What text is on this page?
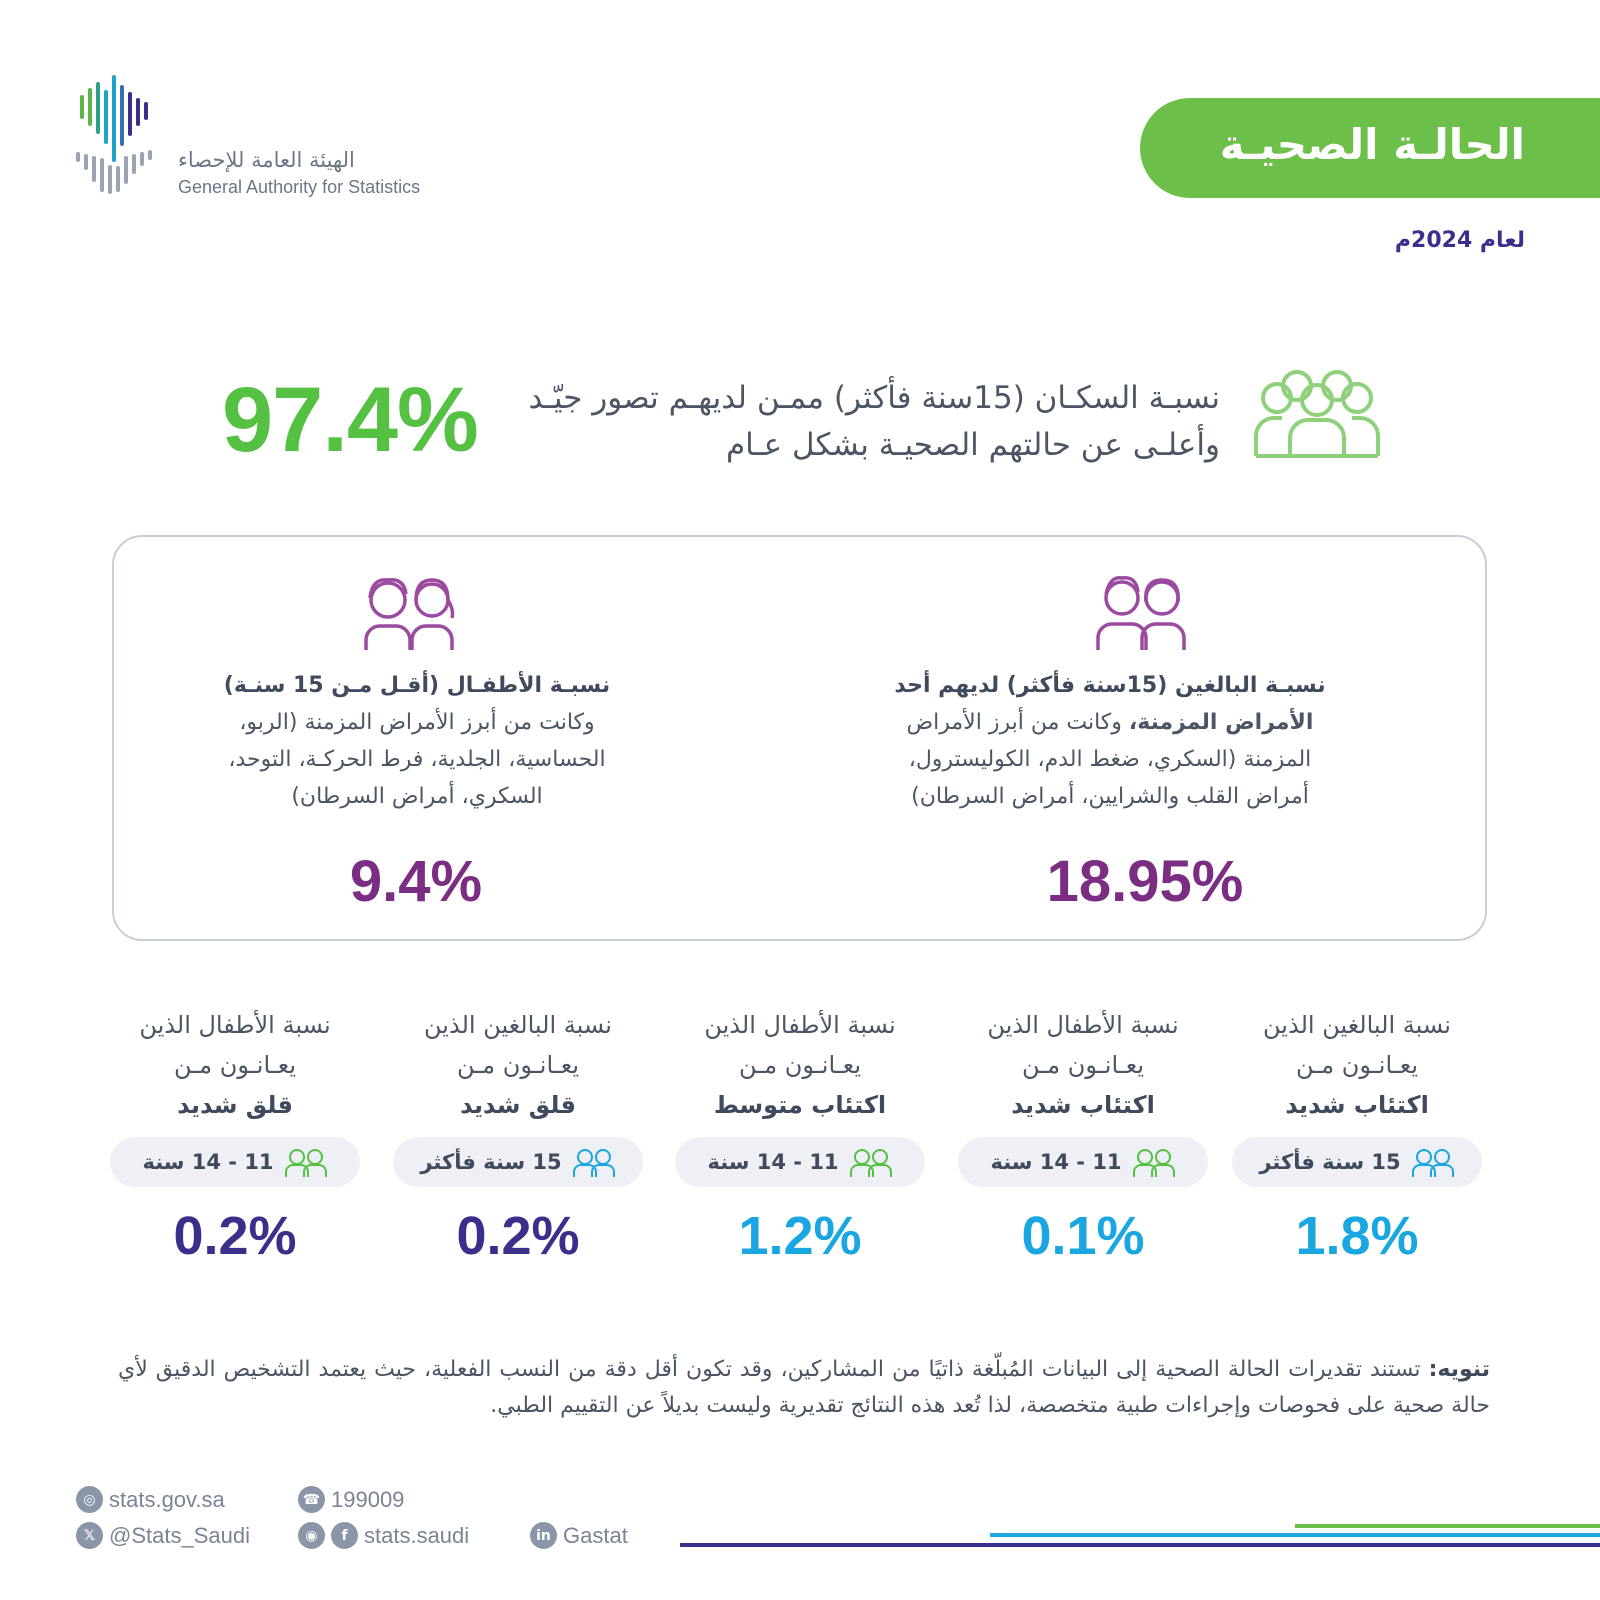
الهيئة العامة للإحصاء
General Authority for Statistics
الحالـة الصحيـة
لعام 2024م
97.4%	نسبـة السكـان (15سنة فأكثر) ممـن لديهـم تصور جيّـد وأعلـى عن حالتهم الصحيـة بشكل عـام
نسبـة البالغين (15سنة فأكثر) لديهم أحد
الأمراض المزمنة، وكانت من أبرز الأمراض المزمنة (السكري، ضغط الدم، الكوليسترول، أمراض القلب والشرايين، أمراض السرطان)
18.95%
نسبـة الأطفـال (أقـل مـن 15 سنـة)
وكانت من أبرز الأمراض المزمنة (الربو، الحساسية، الجلدية، فرط الحركـة، التوحد، السكري، أمراض السرطان)
9.4%
نسبة البالغين الذين
يعـانـون مـن
اكتئاب شديد
15 سنة فأكثر
1.8%
نسبة الأطفال الذين
يعـانـون مـن
اكتئاب شديد
11 - 14 سنة
0.1%
نسبة الأطفال الذين
يعـانـون مـن
اكتئاب متوسط
11 - 14 سنة
1.2%
نسبة البالغين الذين
يعـانـون مـن
قلق شديد
15 سنة فأكثر
0.2%
نسبة الأطفال الذين
يعـانـون مـن
قلق شديد
11 - 14 سنة
0.2%
تنويه: تستند تقديرات الحالة الصحية إلى البيانات المُبلّغة ذاتيًا من المشاركين، وقد تكون أقل دقة من النسب الفعلية، حيث يعتمد التشخيص الدقيق لأي حالة صحية على فحوصات وإجراءات طبية متخصصة، لذا تُعد هذه النتائج تقديرية وليست بديلاً عن التقييم الطبي.
◎ stats.gov.sa	☎ 199009
𝕏 @Stats_Saudi	◉	f stats.saudi	in Gastat
